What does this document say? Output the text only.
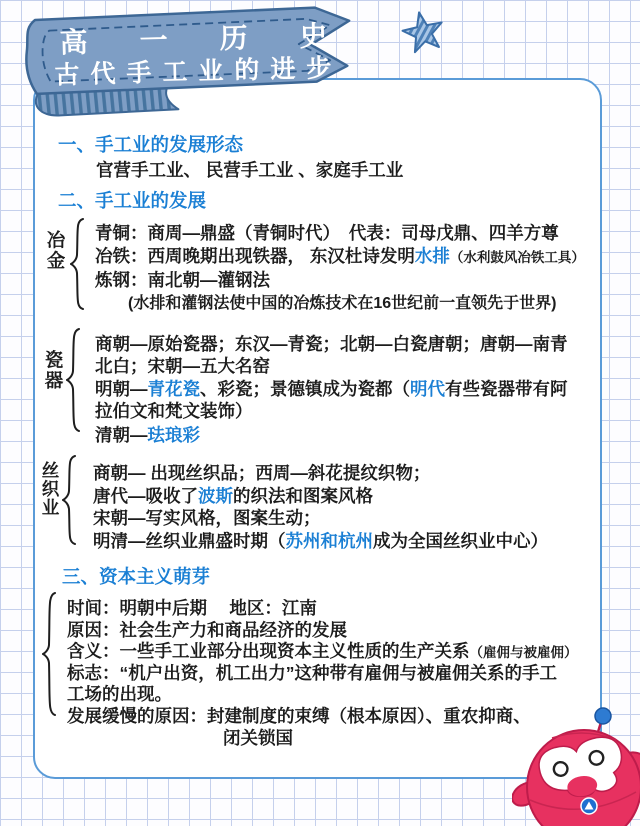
高一历史
古代手工业的进步
一、手工业的发展形态
官营手工业、 民营手工业 、家庭手工业
二、手工业的发展
冶金 青铜：商周—鼎盛（青铜时代）　代表：司母戊鼎、四羊方尊
冶铁：西周晚期出现铁器， 东汉杜诗发明水排（水利鼓风冶铁工具）
炼钢：南北朝—灌钢法
(水排和灌钢法使中国的冶炼技术在16世纪前一直领先于世界)
瓷器
商朝—原始瓷器；东汉—青瓷；北朝—白瓷唐朝；唐朝—南青
北白；宋朝—五大名窑
明朝—青花瓷、彩瓷；景德镇成为瓷都（明代有些瓷器带有阿
拉伯文和梵文装饰）
清朝—珐琅彩
丝织业 商朝— 出现丝织品；西周—斜花提纹织物；
唐代—吸收了波斯的织法和图案风格
宋朝—写实风格，图案生动；
明清—丝织业鼎盛时期（苏州和杭州成为全国丝织业中心）
三、资本主义萌芽
时间：明朝中后期　 地区：江南
原因：社会生产力和商品经济的发展
含义：一些手工业部分出现资本主义性质的生产关系（雇佣与被雇佣）
标志：“机户出资，机工出力”这种带有雇佣与被雇佣关系的手工
工场的出现。
发展缓慢的原因：封建制度的束缚（根本原因）、重农抑商、
闭关锁国
